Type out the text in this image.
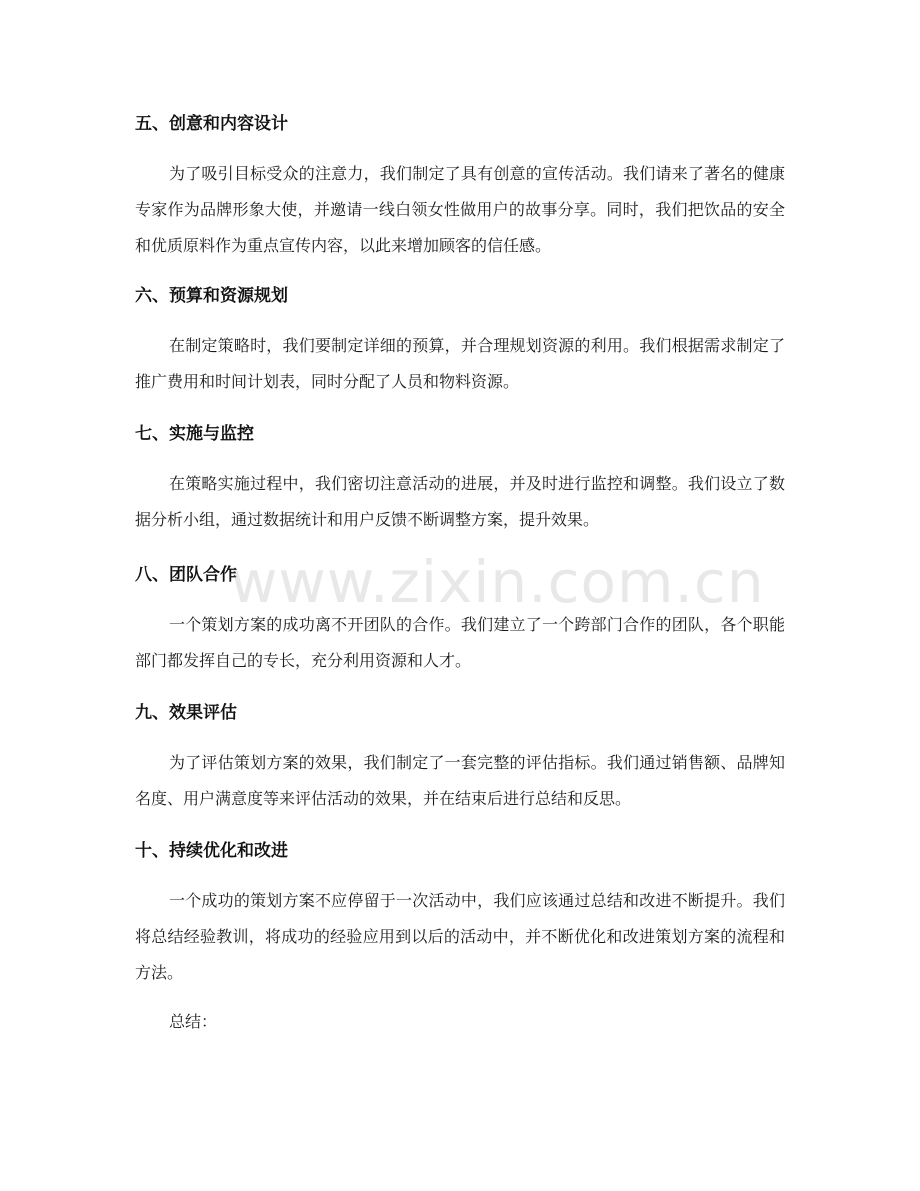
五、创意和内容设计

为了吸引目标受众的注意力，我们制定了具有创意的宣传活动。我们请来了著名的健康专家作为品牌形象大使，并邀请一线白领女性做用户的故事分享。同时，我们把饮品的安全和优质原料作为重点宣传内容，以此来增加顾客的信任感。

六、预算和资源规划

在制定策略时，我们要制定详细的预算，并合理规划资源的利用。我们根据需求制定了推广费用和时间计划表，同时分配了人员和物料资源。

七、实施与监控

在策略实施过程中，我们密切注意活动的进展，并及时进行监控和调整。我们设立了数据分析小组，通过数据统计和用户反馈不断调整方案，提升效果。

八、团队合作

一个策划方案的成功离不开团队的合作。我们建立了一个跨部门合作的团队，各个职能部门都发挥自己的专长，充分利用资源和人才。

九、效果评估

为了评估策划方案的效果，我们制定了一套完整的评估指标。我们通过销售额、品牌知名度、用户满意度等来评估活动的效果，并在结束后进行总结和反思。

十、持续优化和改进

一个成功的策划方案不应停留于一次活动中，我们应该通过总结和改进不断提升。我们将总结经验教训，将成功的经验应用到以后的活动中，并不断优化和改进策划方案的流程和方法。

总结：

www.zixin.com.cn
